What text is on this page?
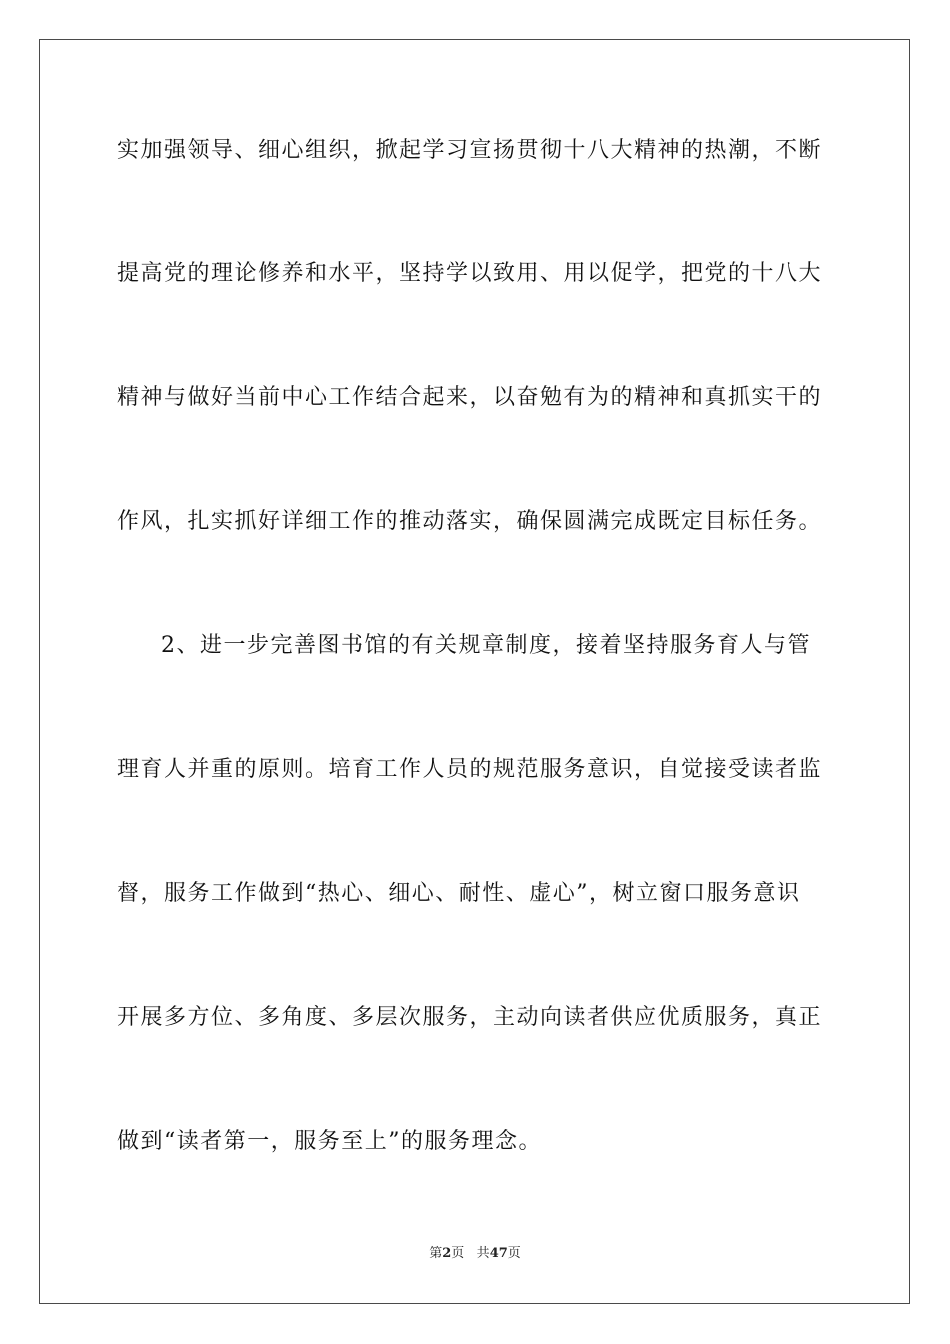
实加强领导、细心组织，掀起学习宣扬贯彻十八大精神的热潮，不断
提高党的理论修养和水平，坚持学以致用、用以促学，把党的十八大
精神与做好当前中心工作结合起来，以奋勉有为的精神和真抓实干的
作风，扎实抓好详细工作的推动落实，确保圆满完成既定目标任务。
2、进一步完善图书馆的有关规章制度，接着坚持服务育人与管
理育人并重的原则。培育工作人员的规范服务意识，自觉接受读者监
督，服务工作做到“热心、细心、耐性、虚心”，树立窗口服务意识
开展多方位、多角度、多层次服务，主动向读者供应优质服务，真正
做到“读者第一，服务至上”的服务理念。
第2页 共47页
